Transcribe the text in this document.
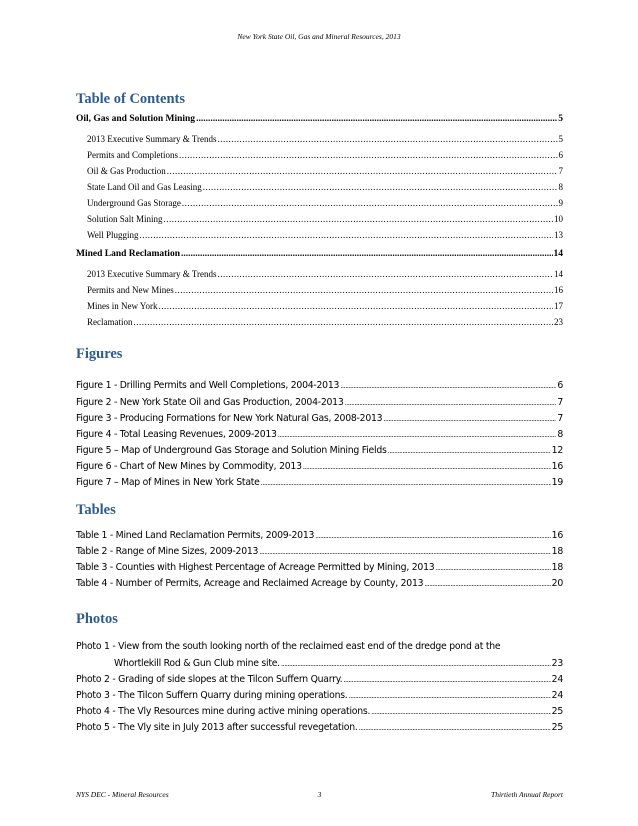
New York State Oil, Gas and Mineral Resources, 2013
Table of Contents
Oil, Gas and Solution Mining .....	5
2013 Executive Summary & Trends .....	5
Permits and Completions .....	6
Oil & Gas Production .....	7
State Land Oil and Gas Leasing .....	8
Underground Gas Storage .....	9
Solution Salt Mining .....	10
Well Plugging .....	13
Mined Land Reclamation .....	14
2013 Executive Summary & Trends .....	14
Permits and New Mines .....	16
Mines in New York .....	17
Reclamation .....	23
Figures
Figure 1 - Drilling Permits and Well Completions, 2004-2013 .....	6
Figure 2 - New York State Oil and Gas Production, 2004-2013 .....	7
Figure 3 - Producing Formations for New York Natural Gas, 2008-2013 .....	7
Figure 4 - Total Leasing Revenues, 2009-2013 .....	8
Figure 5 – Map of Underground Gas Storage and Solution Mining Fields .....	12
Figure 6 - Chart of New Mines by Commodity, 2013 .....	16
Figure 7 – Map of Mines in New York State .....	19
Tables
Table 1 - Mined Land Reclamation Permits, 2009-2013 .....	16
Table 2 - Range of Mine Sizes, 2009-2013 .....	18
Table 3 - Counties with Highest Percentage of Acreage Permitted by Mining, 2013 .....	18
Table 4 - Number of Permits, Acreage and Reclaimed Acreage by County, 2013 .....	20
Photos
Photo 1 - View from the south looking north of the reclaimed east end of the dredge pond at the
Whortlekill Rod & Gun Club mine site. .....	23
Photo 2 - Grading of side slopes at the Tilcon Suffern Quarry. .....	24
Photo 3 - The Tilcon Suffern Quarry during mining operations. .....	24
Photo 4 - The Vly Resources mine during active mining operations. .....	25
Photo 5 - The Vly site in July 2013 after successful revegetation. .....	25
NYS DEC - Mineral Resources	3	Thirtieth Annual Report
